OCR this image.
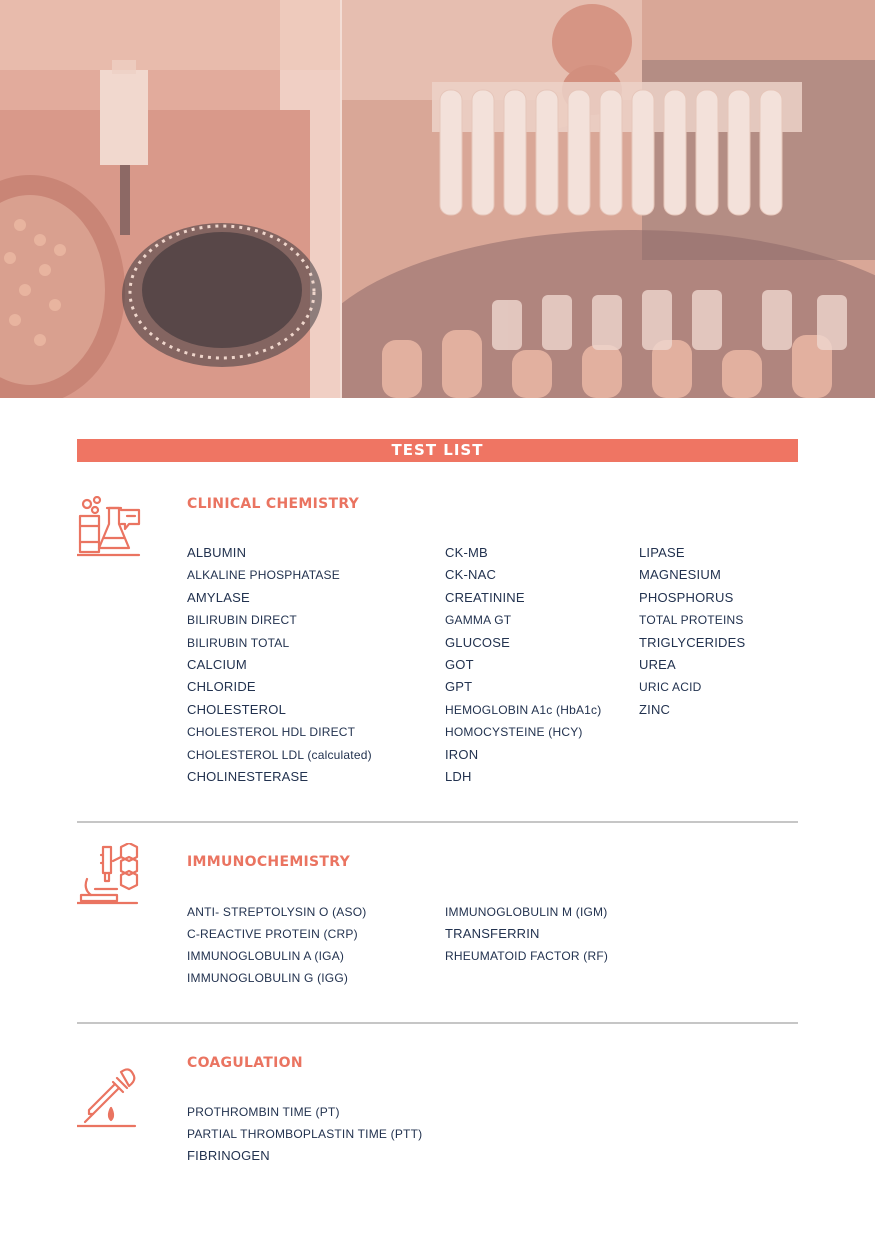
TEST LIST
CLINICAL CHEMISTRY
ALBUMIN
ALKALINE PHOSPHATASE
AMYLASE
BILIRUBIN DIRECT
BILIRUBIN TOTAL
CALCIUM
CHLORIDE
CHOLESTEROL
CHOLESTEROL HDL DIRECT
CHOLESTEROL LDL (calculated)
CHOLINESTERASE
CK-MB
CK-NAC
CREATININE
GAMMA GT
GLUCOSE
GOT
GPT
HEMOGLOBIN A1c (HbA1c)
HOMOCYSTEINE (HCY)
IRON
LDH
LIPASE
MAGNESIUM
PHOSPHORUS
TOTAL PROTEINS
TRIGLYCERIDES
UREA
URIC ACID
ZINC
IMMUNOCHEMISTRY
ANTI- STREPTOLYSIN O (ASO)
C-REACTIVE PROTEIN (CRP)
IMMUNOGLOBULIN A (IGA)
IMMUNOGLOBULIN G (IGG)
IMMUNOGLOBULIN M (IGM)
TRANSFERRIN
RHEUMATOID FACTOR (RF)
COAGULATION
PROTHROMBIN TIME (PT)
PARTIAL THROMBOPLASTIN TIME (PTT)
FIBRINOGEN
